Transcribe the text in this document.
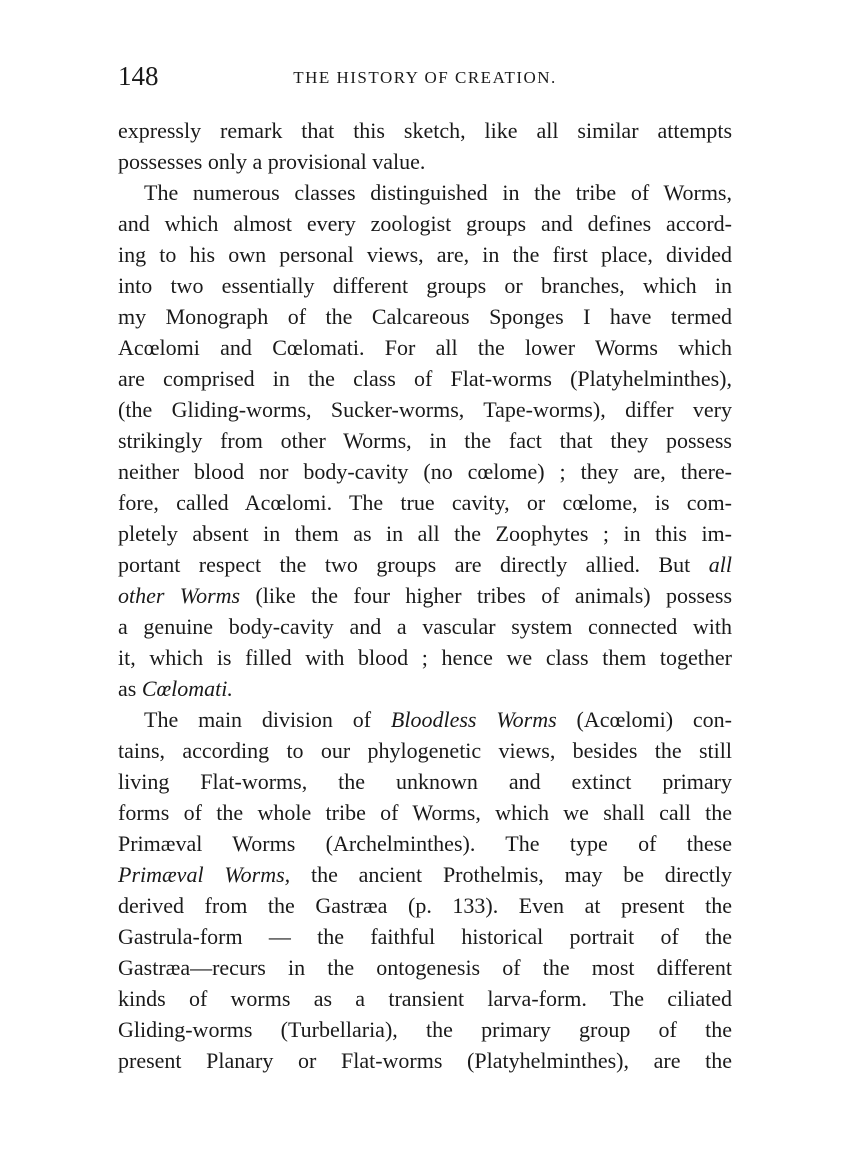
148	THE HISTORY OF CREATION.
expressly remark that this sketch, like all similar attempts
possesses only a provisional value.
The numerous classes distinguished in the tribe of Worms,
and which almost every zoologist groups and defines accord-
ing to his own personal views, are, in the first place, divided
into two essentially different groups or branches, which in
my Monograph of the Calcareous Sponges I have termed
Acœlomi and Cœlomati. For all the lower Worms which
are comprised in the class of Flat-worms (Platyhelminthes),
(the Gliding-worms, Sucker-worms, Tape-worms), differ very
strikingly from other Worms, in the fact that they possess
neither blood nor body-cavity (no cœlome) ; they are, there-
fore, called Acœlomi. The true cavity, or cœlome, is com-
pletely absent in them as in all the Zoophytes ; in this im-
portant respect the two groups are directly allied. But all
other Worms (like the four higher tribes of animals) possess
a genuine body-cavity and a vascular system connected with
it, which is filled with blood ; hence we class them together
as Cœlomati.
The main division of Bloodless Worms (Acœlomi) con-
tains, according to our phylogenetic views, besides the still
living Flat-worms, the unknown and extinct primary
forms of the whole tribe of Worms, which we shall call the
Primæval Worms (Archelminthes). The type of these
Primæval Worms, the ancient Prothelmis, may be directly
derived from the Gastræa (p. 133). Even at present the
Gastrula-form — the faithful historical portrait of the
Gastræa—recurs in the ontogenesis of the most different
kinds of worms as a transient larva-form. The ciliated
Gliding-worms (Turbellaria), the primary group of the
present Planary or Flat-worms (Platyhelminthes), are the
